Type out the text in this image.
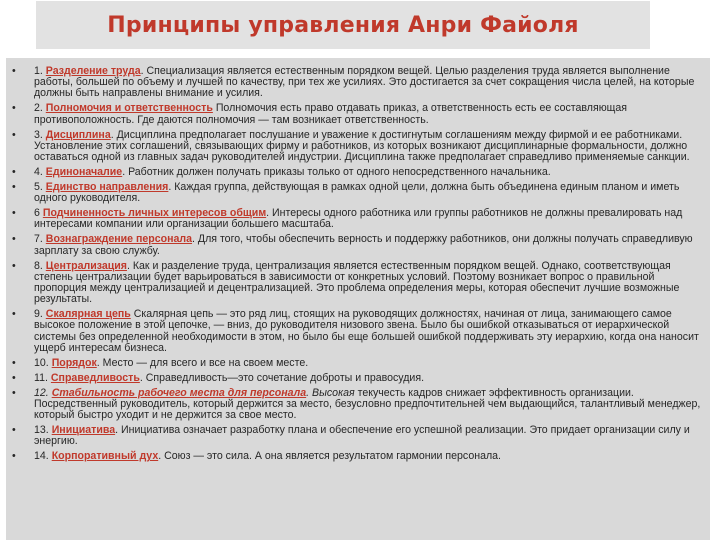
Принципы управления Анри Файоля
• 1. Разделение труда. Специализация является естественным порядком вещей. Целью разделения труда является выполнение работы, большей по объему и лучшей по качеству, при тех же усилиях. Это достигается за счет сокращения числа целей, на которые должны быть направлены внимание и усилия.
• 2. Полномочия и ответственность Полномочия есть право отдавать приказ, а ответственность есть ее составляющая противоположность. Где даются полномочия — там возникает ответственность.
• 3. Дисциплина. Дисциплина предполагает послушание и уважение к достигнутым соглашениям между фирмой и ее работниками. Установление этих соглашений, связывающих фирму и работников, из которых возникают дисциплинарные формальности, должно оставаться одной из главных задач руководителей индустрии. Дисциплина также предполагает справедливо применяемые санкции.
• 4. Единоначалие. Работник должен получать приказы только от одного непосредственного начальника.
• 5. Единство направления. Каждая группа, действующая в рамках одной цели, должна быть объединена единым планом и иметь одного руководителя.
• 6 Подчиненность личных интересов общим. Интересы одного работника или группы работников не должны превалировать над интересами компании или организации большего масштаба.
• 7. Вознаграждение персонала. Для того, чтобы обеспечить верность и поддержку работников, они должны получать справедливую зарплату за свою службу.
• 8. Централизация. Как и разделение труда, централизация является естественным порядком вещей. Однако, соответствующая степень централизации будет варьироваться в зависимости от конкретных условий. Поэтому возникает вопрос о правильной пропорция между централизацией и децентрализацией. Это проблема определения меры, которая обеспечит лучшие возможные результаты.
• 9. Скалярная цепь Скалярная цепь — это ряд лиц, стоящих на руководящих должностях, начиная от лица, занимающего самое высокое положение в этой цепочке, — вниз, до руководителя низового звена. Было бы ошибкой отказываться от иерархической системы без определенной необходимости в этом, но было бы еще большей ошибкой поддерживать эту иерархию, когда она наносит ущерб интересам бизнеса.
• 10. Порядок. Место — для всего и все на своем месте.
• 11. Справедливость. Справедливость—это сочетание доброты и правосудия.
• 12. Стабильность рабочего места для персонала. Высокая текучесть кадров снижает эффективность организации. Посредственный руководитель, который держится за место, безусловно предпочтительней чем выдающийся, талантливый менеджер, который быстро уходит и не держится за свое место.
• 13. Инициатива. Инициатива означает разработку плана и обеспечение его успешной реализации. Это придает организации силу и энергию.
• 14. Корпоративный дух. Союз — это сила. А она является результатом гармонии персонала.
